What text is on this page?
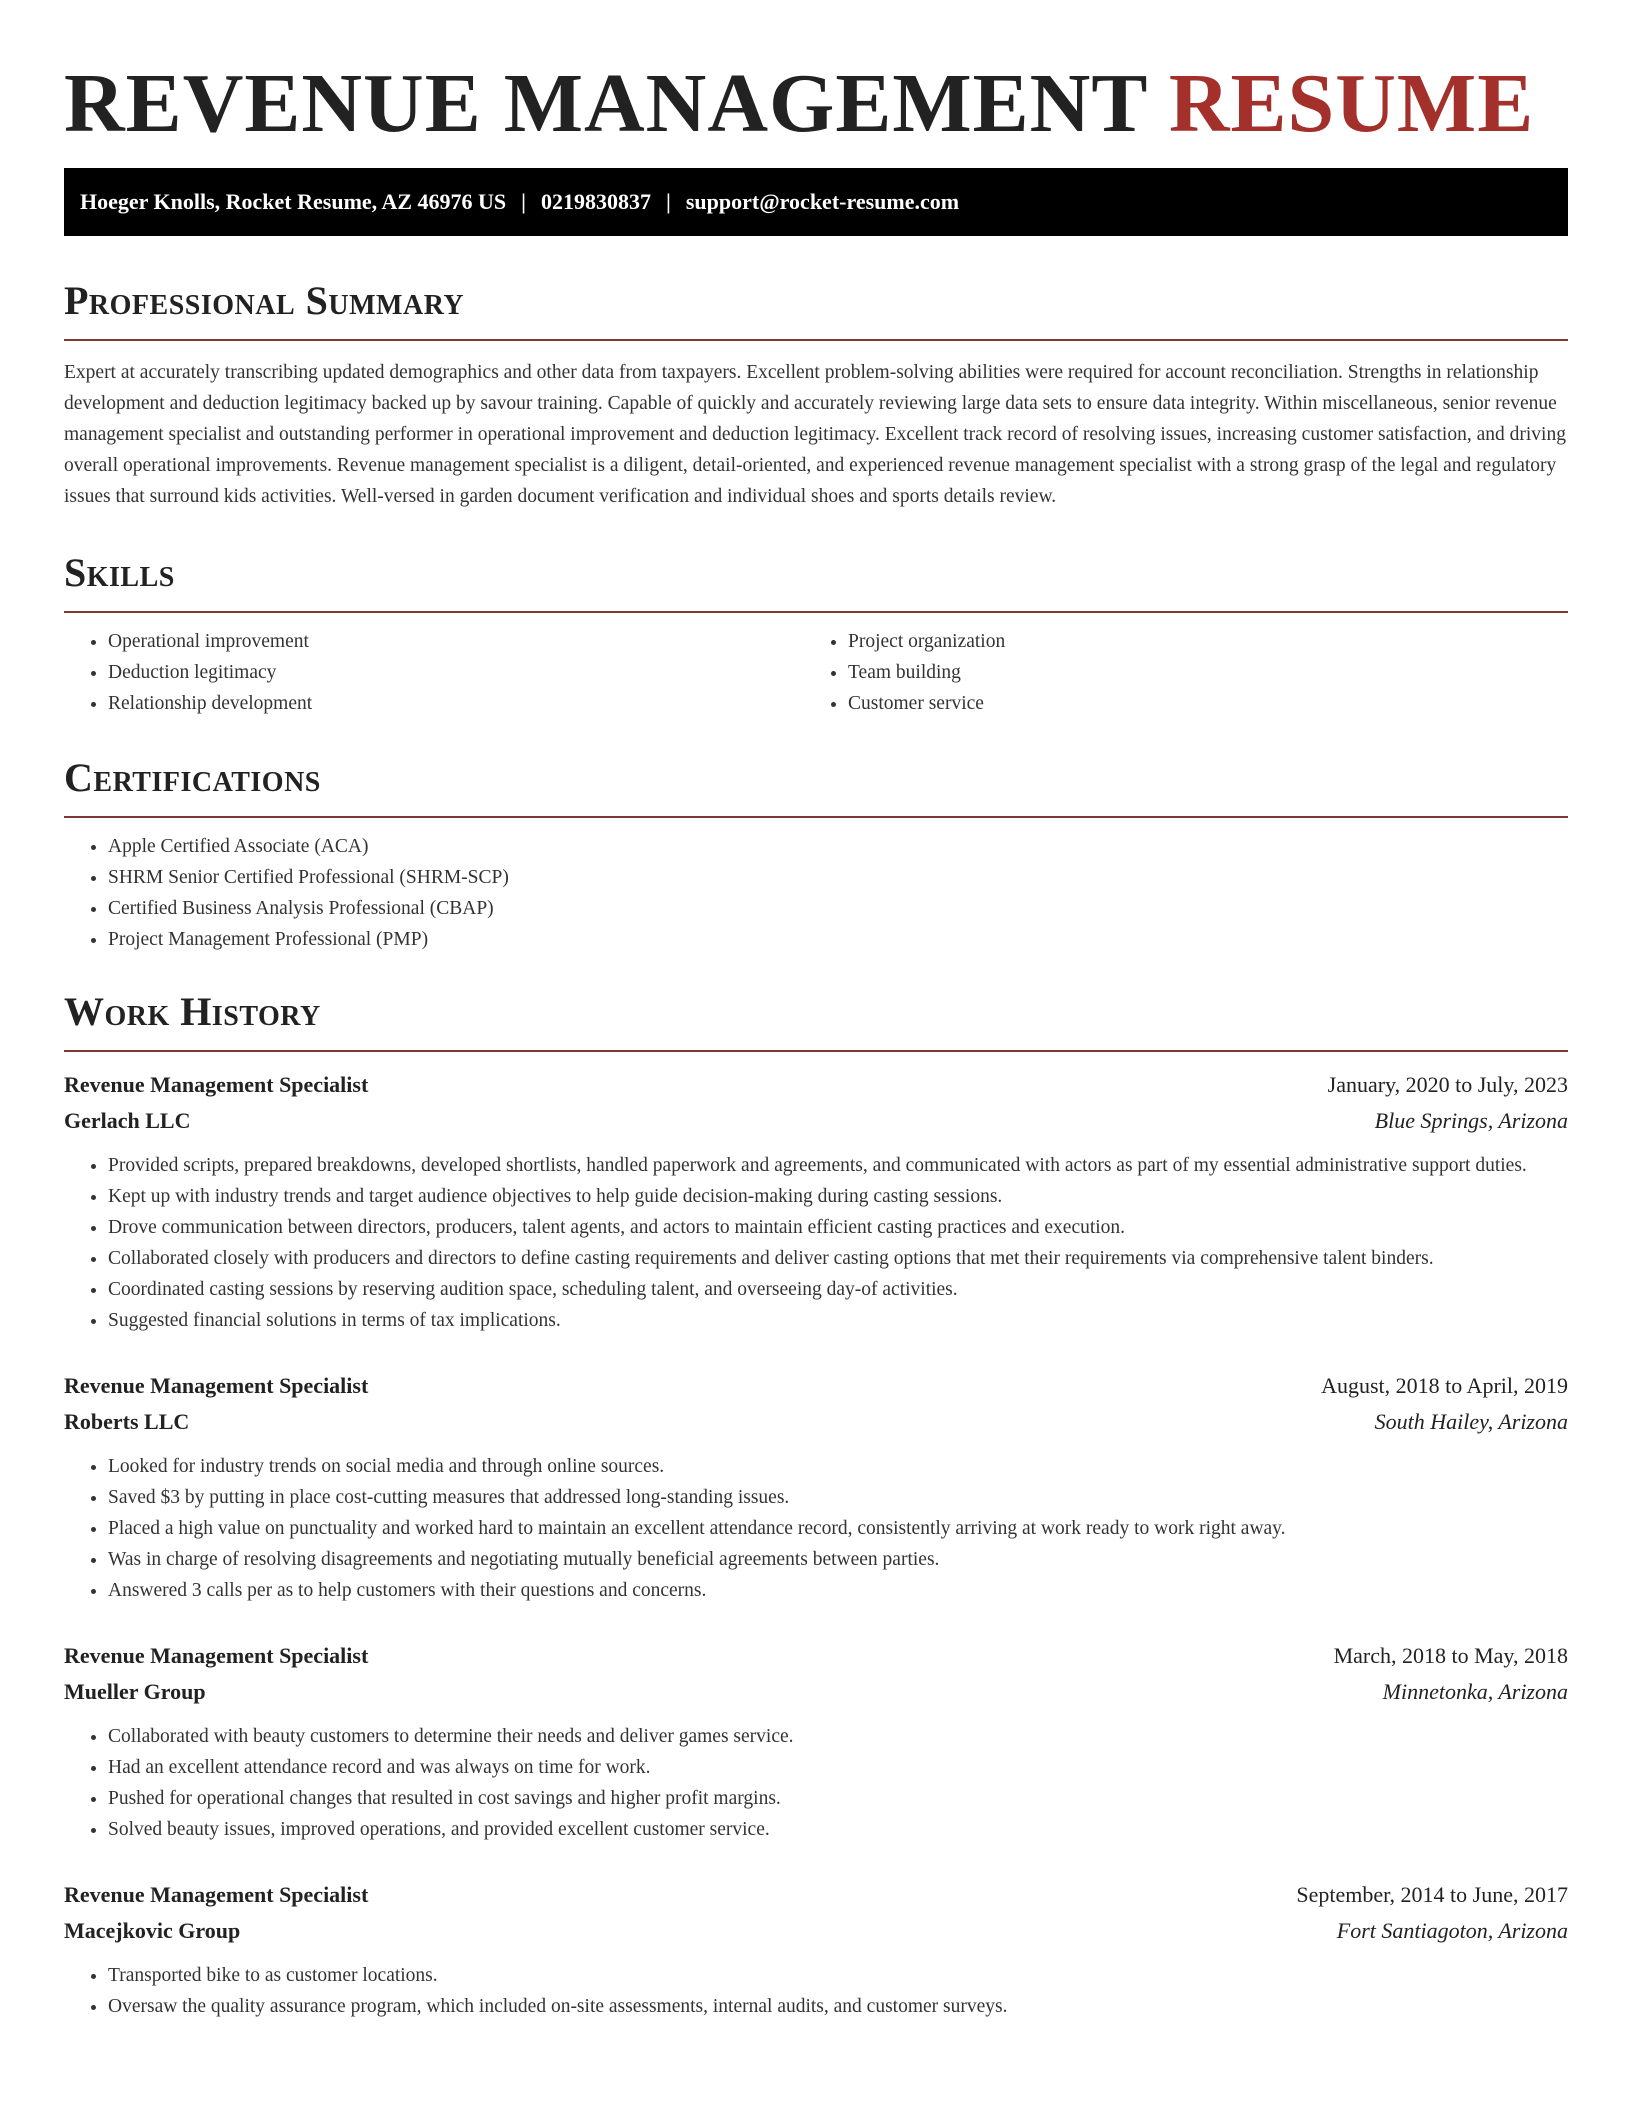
REVENUE MANAGEMENT RESUME
Hoeger Knolls, Rocket Resume, AZ 46976 US | 0219830837 | support@rocket-resume.com
Professional Summary

Expert at accurately transcribing updated demographics and other data from taxpayers. Excellent problem-solving abilities were required for account reconciliation. Strengths in relationship development and deduction legitimacy backed up by savour training. Capable of quickly and accurately reviewing large data sets to ensure data integrity. Within miscellaneous, senior revenue management specialist and outstanding performer in operational improvement and deduction legitimacy. Excellent track record of resolving issues, increasing customer satisfaction, and driving overall operational improvements. Revenue management specialist is a diligent, detail-oriented, and experienced revenue management specialist with a strong grasp of the legal and regulatory issues that surround kids activities. Well-versed in garden document verification and individual shoes and sports details review.

Skills
• Operational improvement
• Deduction legitimacy
• Relationship development
• Project organization
• Team building
• Customer service
Certifications
• Apple Certified Associate (ACA)
• SHRM Senior Certified Professional (SHRM-SCP)
• Certified Business Analysis Professional (CBAP)
• Project Management Professional (PMP)
Work History
Revenue Management Specialist	January, 2020 to July, 2023
Gerlach LLC	Blue Springs, Arizona
• Provided scripts, prepared breakdowns, developed shortlists, handled paperwork and agreements, and communicated with actors as part of my essential administrative support duties.
• Kept up with industry trends and target audience objectives to help guide decision-making during casting sessions.
• Drove communication between directors, producers, talent agents, and actors to maintain efficient casting practices and execution.
• Collaborated closely with producers and directors to define casting requirements and deliver casting options that met their requirements via comprehensive talent binders.
• Coordinated casting sessions by reserving audition space, scheduling talent, and overseeing day-of activities.
• Suggested financial solutions in terms of tax implications.
Revenue Management Specialist	August, 2018 to April, 2019
Roberts LLC	South Hailey, Arizona
• Looked for industry trends on social media and through online sources.
• Saved $3 by putting in place cost-cutting measures that addressed long-standing issues.
• Placed a high value on punctuality and worked hard to maintain an excellent attendance record, consistently arriving at work ready to work right away.
• Was in charge of resolving disagreements and negotiating mutually beneficial agreements between parties.
• Answered 3 calls per as to help customers with their questions and concerns.
Revenue Management Specialist	March, 2018 to May, 2018
Mueller Group	Minnetonka, Arizona
• Collaborated with beauty customers to determine their needs and deliver games service.
• Had an excellent attendance record and was always on time for work.
• Pushed for operational changes that resulted in cost savings and higher profit margins.
• Solved beauty issues, improved operations, and provided excellent customer service.
Revenue Management Specialist	September, 2014 to June, 2017
Macejkovic Group	Fort Santiagoton, Arizona
• Transported bike to as customer locations.
• Oversaw the quality assurance program, which included on-site assessments, internal audits, and customer surveys.
